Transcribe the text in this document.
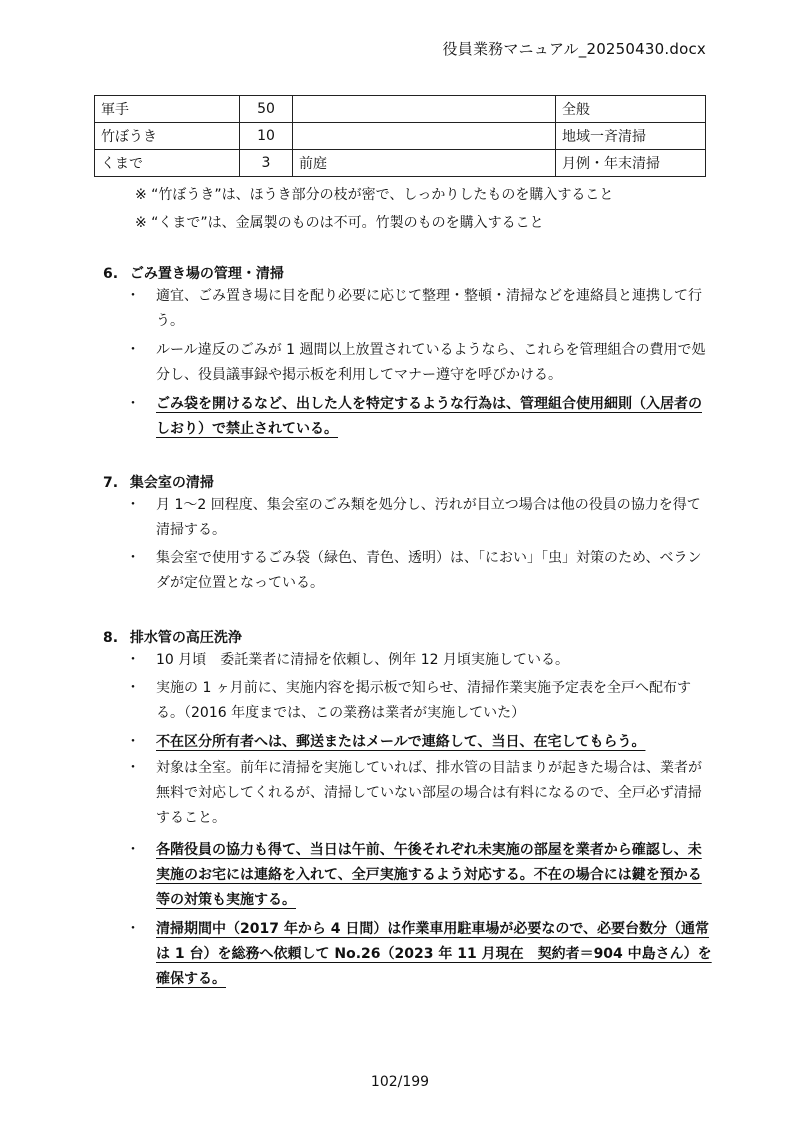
役員業務マニュアル_20250430.docx
軍手	50		全般
竹ぼうき	10		地域一斉清掃
くまで	3	前庭	月例・年末清掃
※ “竹ぼうき”は、ほうき部分の枝が密で、しっかりしたものを購入すること
※ “くまで”は、金属製のものは不可。竹製のものを購入すること
6. ごみ置き場の管理・清掃
・ 適宜、ごみ置き場に目を配り必要に応じて整理・整頓・清掃などを連絡員と連携して行う。
・ ルール違反のごみが 1 週間以上放置されているようなら、これらを管理組合の費用で処分し、役員議事録や掲示板を利用してマナー遵守を呼びかける。
・ ごみ袋を開けるなど、出した人を特定するような行為は、管理組合使用細則（入居者のしおり）で禁止されている。
7. 集会室の清掃
・ 月 1〜2 回程度、集会室のごみ類を処分し、汚れが目立つ場合は他の役員の協力を得て清掃する。
・ 集会室で使用するごみ袋（緑色、青色、透明）は、「におい」「虫」対策のため、ベランダが定位置となっている。
8. 排水管の高圧洗浄
・ 10 月頃　委託業者に清掃を依頼し、例年 12 月頃実施している。
・ 実施の 1 ヶ月前に、実施内容を掲示板で知らせ、清掃作業実施予定表を全戸へ配布する。（2016 年度までは、この業務は業者が実施していた）
・ 不在区分所有者へは、郵送またはメールで連絡して、当日、在宅してもらう。
・ 対象は全室。前年に清掃を実施していれば、排水管の目詰まりが起きた場合は、業者が無料で対応してくれるが、清掃していない部屋の場合は有料になるので、全戸必ず清掃すること。
・ 各階役員の協力も得て、当日は午前、午後それぞれ未実施の部屋を業者から確認し、未実施のお宅には連絡を入れて、全戸実施するよう対応する。不在の場合には鍵を預かる等の対策も実施する。
・ 清掃期間中（2017 年から 4 日間）は作業車用駐車場が必要なので、必要台数分（通常は 1 台）を総務へ依頼して No.26（2023 年 11 月現在　契約者＝904 中島さん）を確保する。
102/199
